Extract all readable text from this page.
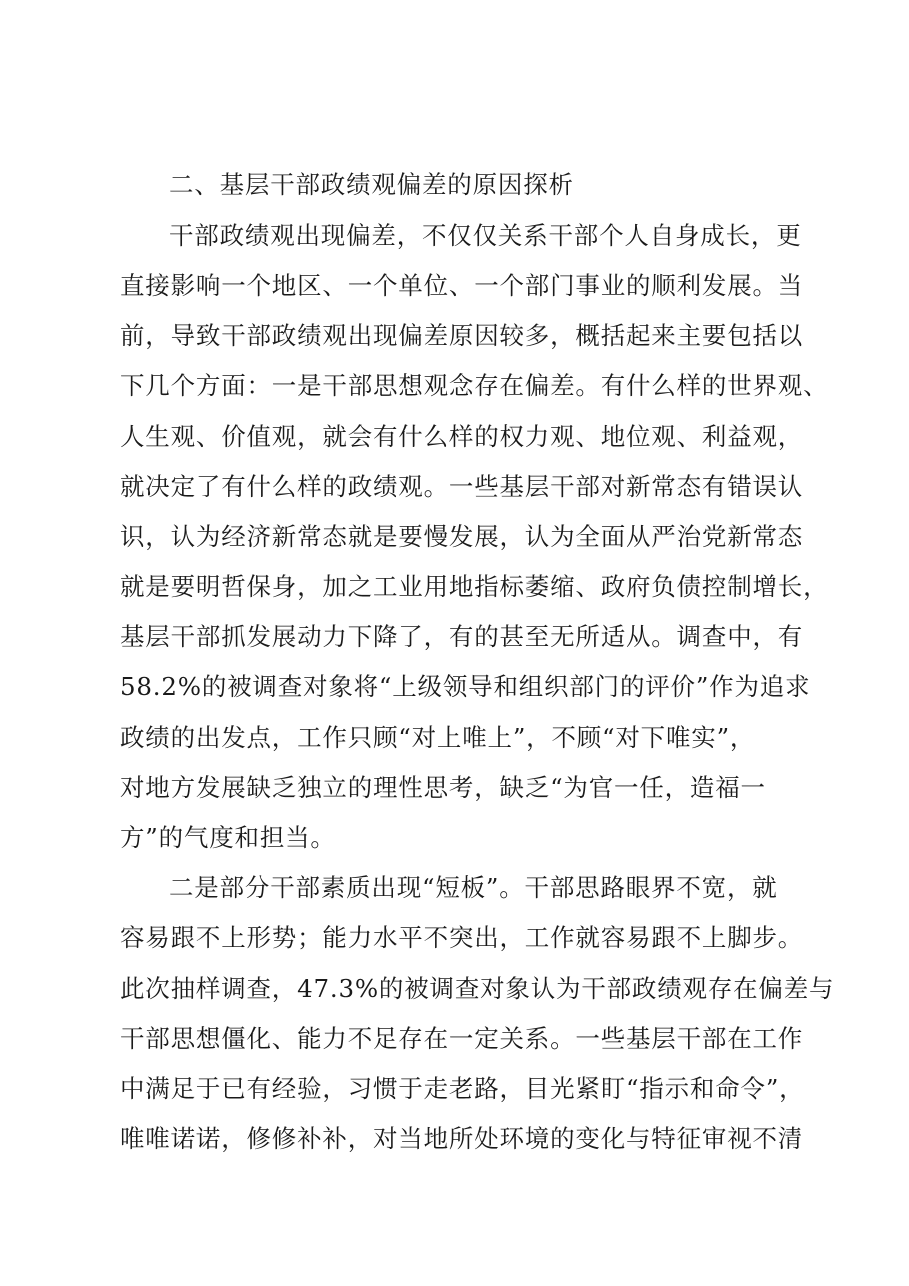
二、基层干部政绩观偏差的原因探析
干部政绩观出现偏差，不仅仅关系干部个人自身成长，更
直接影响一个地区、一个单位、一个部门事业的顺利发展。当
前，导致干部政绩观出现偏差原因较多，概括起来主要包括以
下几个方面：一是干部思想观念存在偏差。有什么样的世界观、
人生观、价值观，就会有什么样的权力观、地位观、利益观，
就决定了有什么样的政绩观。一些基层干部对新常态有错误认
识，认为经济新常态就是要慢发展，认为全面从严治党新常态
就是要明哲保身，加之工业用地指标萎缩、政府负债控制增长，
基层干部抓发展动力下降了，有的甚至无所适从。调查中，有
58.2%的被调查对象将“上级领导和组织部门的评价”作为追求
政绩的出发点，工作只顾“对上唯上”，不顾“对下唯实”，
对地方发展缺乏独立的理性思考，缺乏“为官一任，造福一
方”的气度和担当。
二是部分干部素质出现“短板”。干部思路眼界不宽，就
容易跟不上形势；能力水平不突出，工作就容易跟不上脚步。
此次抽样调查，47.3%的被调查对象认为干部政绩观存在偏差与
干部思想僵化、能力不足存在一定关系。一些基层干部在工作
中满足于已有经验，习惯于走老路，目光紧盯“指示和命令”，
唯唯诺诺，修修补补，对当地所处环境的变化与特征审视不清
